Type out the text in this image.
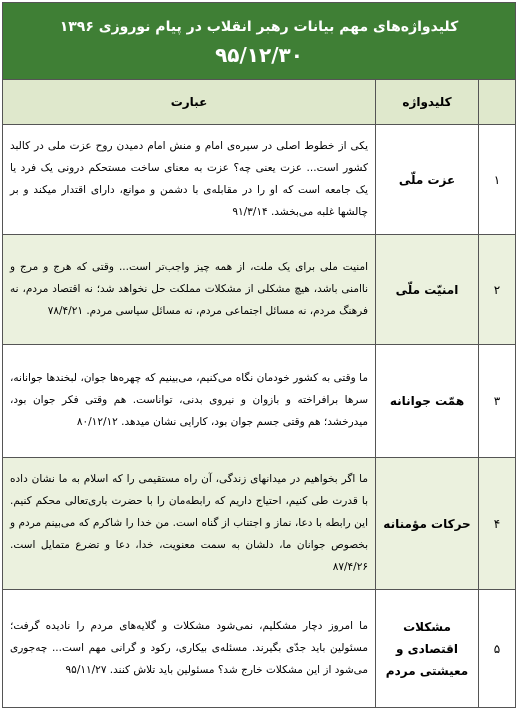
کلیدواژه‌های مهم بیانات رهبر انقلاب در پیام نوروزی ۱۳۹۶
۹۵/۱۲/۳۰		

	کلیدواژه	عبارت
۱	عزت ملّی	یکی از خطوط اصلی در سیره‌ی امام و منش امام دمیدن روح عزت ملی در کالبد کشور است... عزت یعنی چه؟ عزت به معنای ساخت مستحکم درونی یک فرد یا یک جامعه است که او را در مقابله‌ی با دشمن و موانع، دارای اقتدار میکند و بر چالشها غلبه می‌بخشد. ۹۱/۳/۱۴
۲	امنیّت ملّی	امنیت ملی برای یک ملت، از همه چیز واجب‌تر است... وقتی که هرج و مرج و ناامنی باشد، هیچ مشکلی از مشکلات مملکت حل نخواهد شد؛ نه اقتصاد مردم، نه فرهنگ مردم، نه مسائل اجتماعی مردم، نه مسائل سیاسی مردم. ۷۸/۴/۲۱
۳	همّت جوانانه	ما وقتی به کشور خودمان نگاه می‌کنیم، می‌بینیم که چهره‌ها جوان، لبخندها جوانانه، سرها برافراخته و بازوان و نیروی بدنی، توانا‌ست. هم وقتی فکر جوان بود، میدرخشد؛ هم وقتی جسم جوان بود، کارایی نشان میدهد. ۸۰/۱۲/۱۲
۴	حرکات مؤمنانه	ما اگر بخواهیم در میدانهای زندگی، آن راه مستقیمی را که اسلام به ما نشان داده با قدرت طی کنیم، احتیاج داریم که رابطه‌مان را با حضرت باری‌تعالی محکم کنیم. این رابطه با دعا، نماز و اجتناب از گناه است. من خدا را شاکرم که می‌بینم مردم و بخصوص جوانان ما، دلشان به سمت معنویت، خدا، دعا و تضرع متمایل است. ۸۷/۴/۲۶
۵	مشکلات اقتصادی و معیشتی مردم	ما امروز دچار مشکلیم، نمی‌شود مشکلات و گلایه‌های مردم را نادیده گرفت؛ مسئولین باید جدّی بگیرند. مسئله‌ی بیکاری، رکود و گرانی مهم است... چه‌جوری می‌شود از این مشکلات خارج شد؟ مسئولین باید تلاش کنند. ۹۵/۱۱/۲۷
